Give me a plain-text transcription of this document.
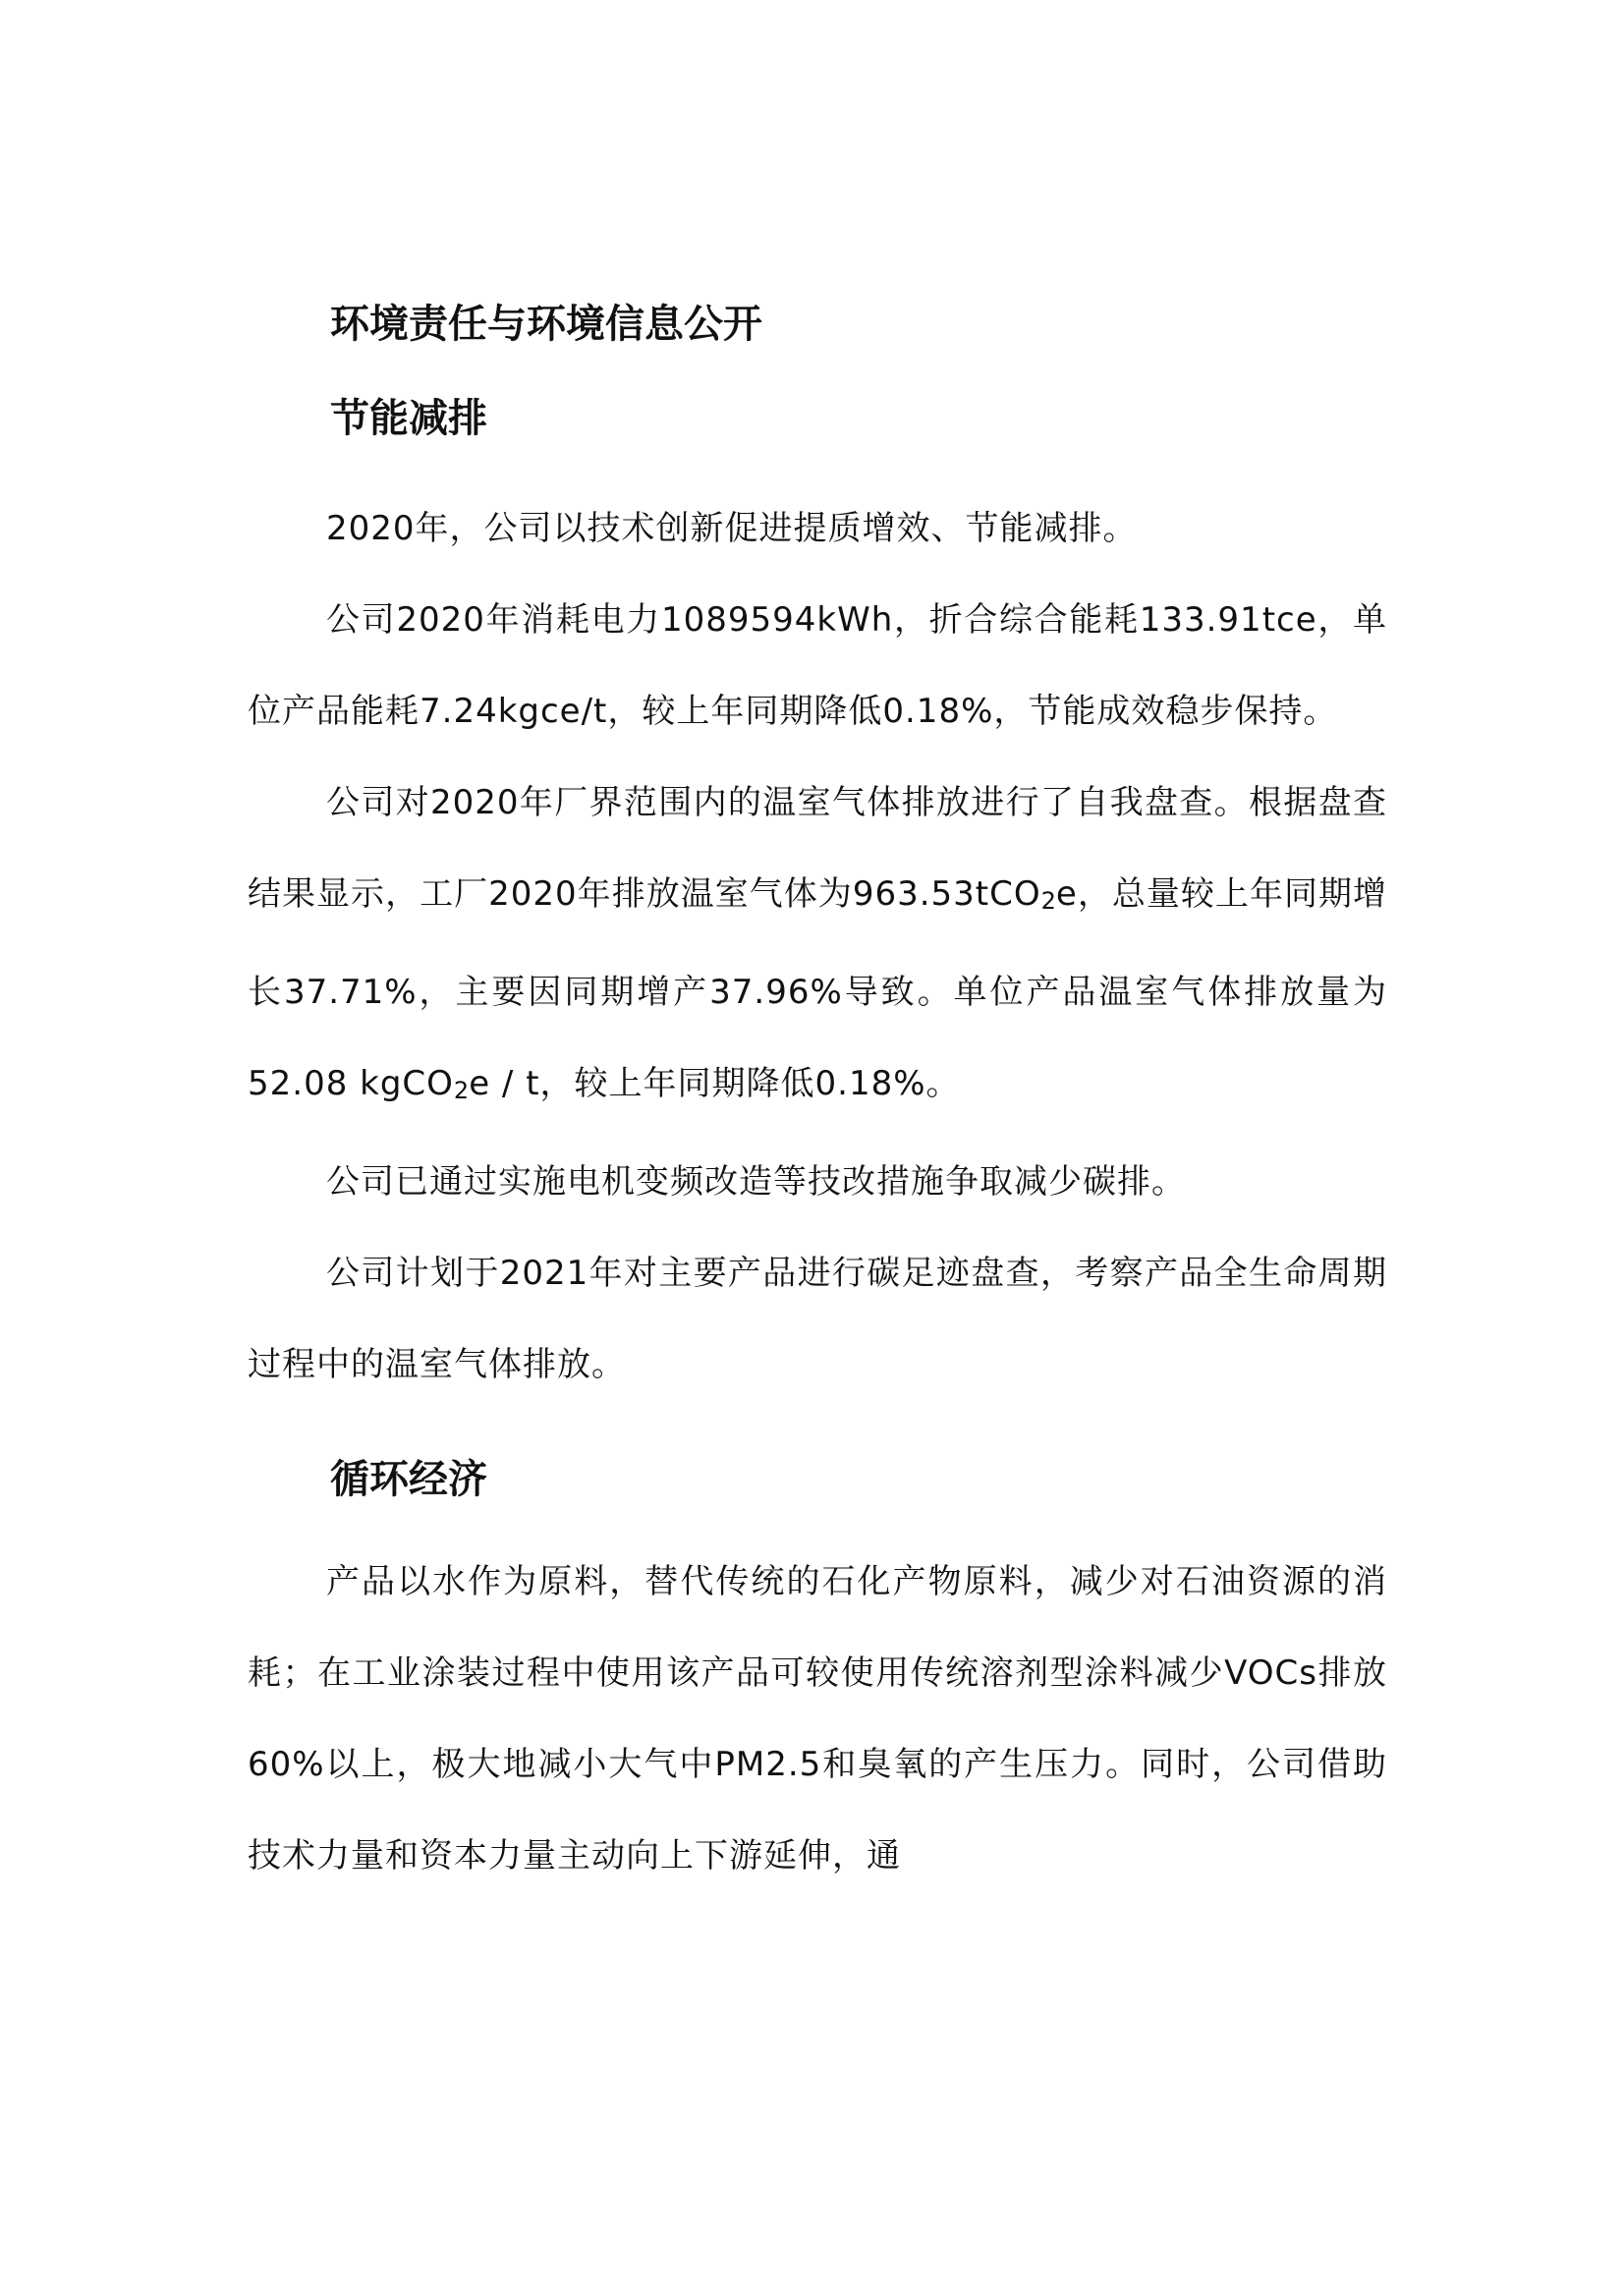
环境责任与环境信息公开
节能减排

2020年，公司以技术创新促进提质增效、节能减排。

公司2020年消耗电力1089594kWh，折合综合能耗133.91tce，单位产品能耗7.24kgce/t，较上年同期降低0.18%，节能成效稳步保持。

公司对2020年厂界范围内的温室气体排放进行了自我盘查。根据盘查结果显示，工厂2020年排放温室气体为963.53tCO2e，总量较上年同期增长37.71%，主要因同期增产37.96%导致。单位产品温室气体排放量为52.08 kgCO2e / t，较上年同期降低0.18%。

公司已通过实施电机变频改造等技改措施争取减少碳排。

公司计划于2021年对主要产品进行碳足迹盘查，考察产品全生命周期过程中的温室气体排放。

循环经济

产品以水作为原料，替代传统的石化产物原料，减少对石油资源的消耗；在工业涂装过程中使用该产品可较使用传统溶剂型涂料减少VOCs排放60%以上，极大地减小大气中PM2.5和臭氧的产生压力。同时，公司借助技术力量和资本力量主动向上下游延伸，通
